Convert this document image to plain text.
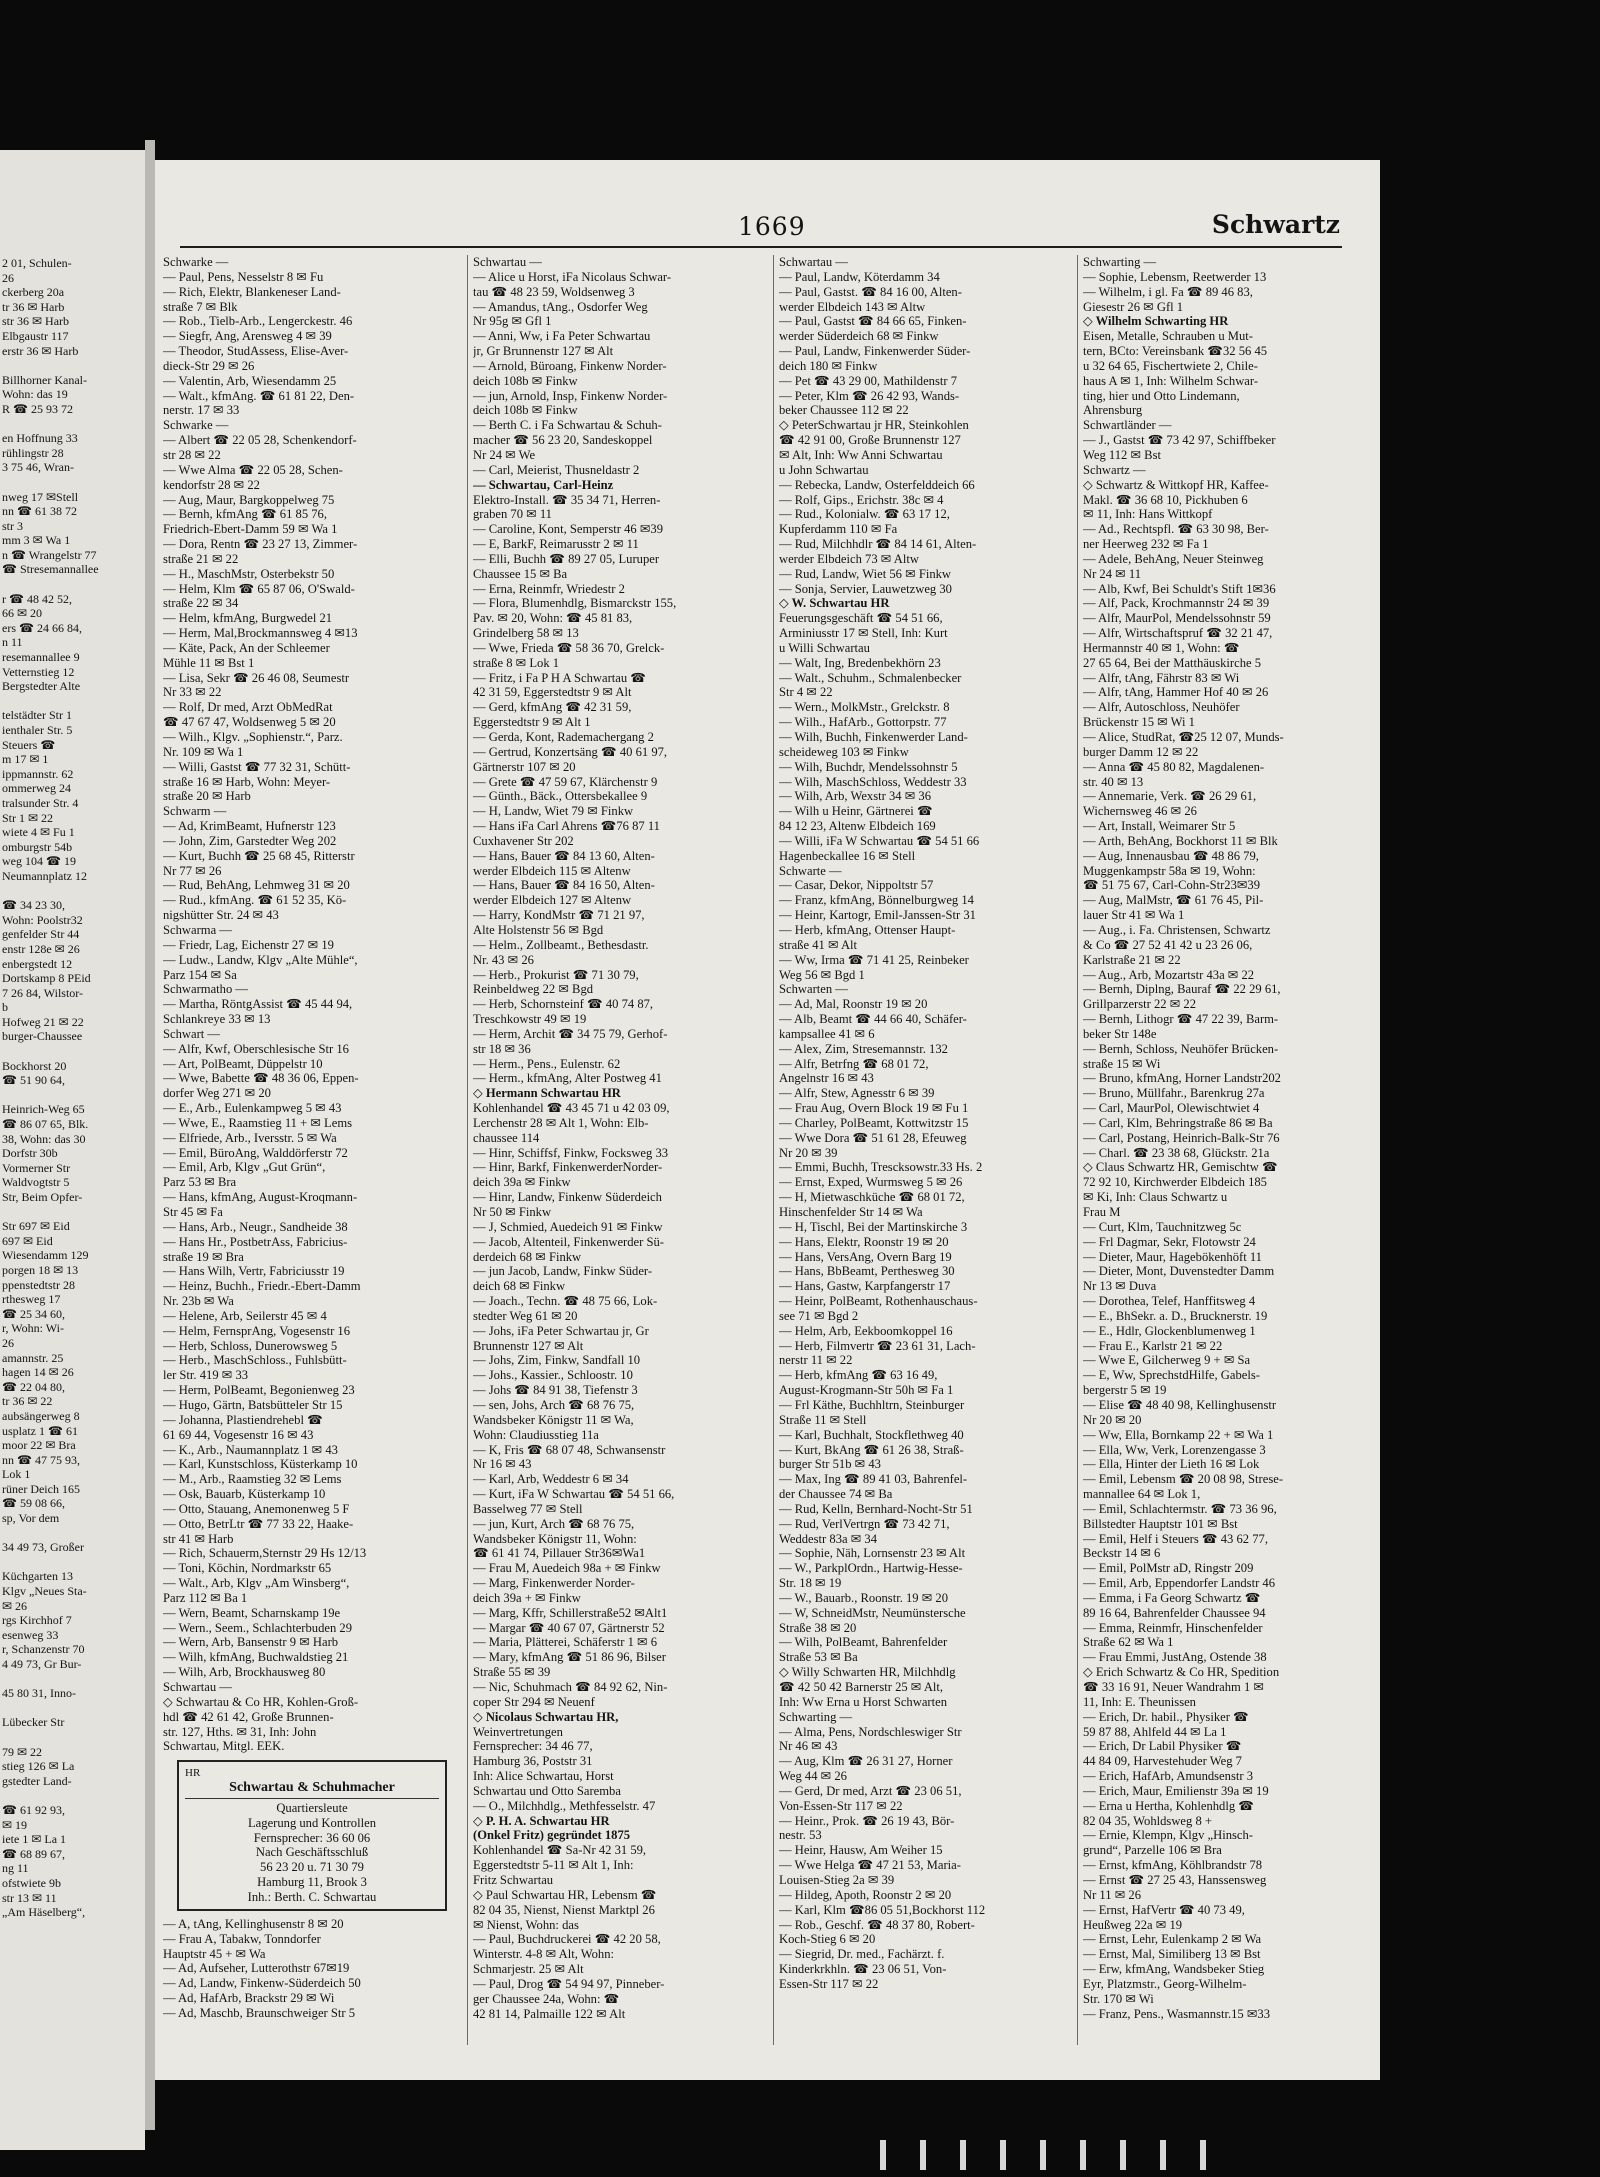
2 01, Schulen-
26
ckerberg 20a
tr 36 ✉ Harb
str 36 ✉ Harb
Elbgaustr 117
erstr 36 ✉ Harb

Billhorner Kanal-
Wohn: das 19
R ☎ 25 93 72

en Hoffnung 33
rühlingstr 28
3 75 46, Wran-

nweg 17 ✉Stell
nn ☎ 61 38 72
str 3
mm 3 ✉ Wa 1
n ☎ Wrangelstr 77
☎ Stresemannallee

r ☎ 48 42 52,
66 ✉ 20
ers ☎ 24 66 84,
n 11
resemannallee 9
Vetternstieg 12
Bergstedter Alte

telstädter Str 1
ienthaler Str. 5
Steuers ☎
m 17 ✉ 1
ippmannstr. 62
ommerweg 24
tralsunder Str. 4
Str 1 ✉ 22
wiete 4 ✉ Fu 1
omburgstr 54b
weg 104 ☎ 19
Neumannplatz 12

☎ 34 23 30,
Wohn: Poolstr32
genfelder Str 44
enstr 128e ✉ 26
enbergstedt 12
Dortskamp 8 PEid
7 26 84, Wilstor-
b
Hofweg 21 ✉ 22
burger-Chaussee

Bockhorst 20
☎ 51 90 64,

Heinrich-Weg 65
☎ 86 07 65, Blk.
38, Wohn: das 30
Dorfstr 30b
Vormerner Str
Waldvogtstr 5
Str, Beim Opfer-

Str 697 ✉ Eid
697 ✉ Eid
Wiesendamm 129
porgen 18 ✉ 13
ppenstedtstr 28
rthesweg 17
☎ 25 34 60,
r, Wohn: Wi-
26
amannstr. 25
hagen 14 ✉ 26
☎ 22 04 80,
tr 36 ✉ 22
aubsängerweg 8
usplatz 1 ☎ 61
moor 22 ✉ Bra
nn ☎ 47 75 93,
Lok 1
rüner Deich 165
☎ 59 08 66,
sp, Vor dem

34 49 73, Großer

Küchgarten 13
Klgv „Neues Sta-
✉ 26
rgs Kirchhof 7
esenweg 33
r, Schanzenstr 70
4 49 73, Gr Bur-

45 80 31, Inno-

Lübecker Str

79 ✉ 22
stieg 126 ✉ La
gstedter Land-

☎ 61 92 93,
✉ 19
iete 1 ✉ La 1
☎ 68 89 67,
ng 11
ofstwiete 9b
str 13 ✉ 11
„Am Häselberg“,
1669	Schwartz
Schwarke —
— Paul, Pens, Nesselstr 8 ✉ Fu
— Rich, Elektr, Blankeneser Land-
straße 7 ✉ Blk
— Rob., Tielb-Arb., Lengerckestr. 46
— Siegfr, Ang, Arensweg 4 ✉ 39
— Theodor, StudAssess, Elise-Aver-
dieck-Str 29 ✉ 26
— Valentin, Arb, Wiesendamm 25
— Walt., kfmAng. ☎ 61 81 22, Den-
nerstr. 17 ✉ 33
Schwarke —
— Albert ☎ 22 05 28, Schenkendorf-
str 28 ✉ 22
— Wwe Alma ☎ 22 05 28, Schen-
kendorfstr 28 ✉ 22
— Aug, Maur, Bargkoppelweg 75
— Bernh, kfmAng ☎ 61 85 76,
Friedrich-Ebert-Damm 59 ✉ Wa 1
— Dora, Rentn ☎ 23 27 13, Zimmer-
straße 21 ✉ 22
— H., MaschMstr, Osterbekstr 50
— Helm, Klm ☎ 65 87 06, O'Swald-
straße 22 ✉ 34
— Helm, kfmAng, Burgwedel 21
— Herm, Mal,Brockmannsweg 4 ✉13
— Käte, Pack, An der Schleemer
Mühle 11 ✉ Bst 1
— Lisa, Sekr ☎ 26 46 08, Seumestr
Nr 33 ✉ 22
— Rolf, Dr med, Arzt ObMedRat
☎ 47 67 47, Woldsenweg 5 ✉ 20
— Wilh., Klgv. „Sophienstr.“, Parz.
Nr. 109 ✉ Wa 1
— Willi, Gastst ☎ 77 32 31, Schütt-
straße 16 ✉ Harb, Wohn: Meyer-
straße 20 ✉ Harb
Schwarm —
— Ad, KrimBeamt, Hufnerstr 123
— John, Zim, Garstedter Weg 202
— Kurt, Buchh ☎ 25 68 45, Ritterstr
Nr 77 ✉ 26
— Rud, BehAng, Lehmweg 31 ✉ 20
— Rud., kfmAng. ☎ 61 52 35, Kö-
nigshütter Str. 24 ✉ 43
Schwarma —
— Friedr, Lag, Eichenstr 27 ✉ 19
— Ludw., Landw, Klgv „Alte Mühle“,
Parz 154 ✉ Sa
Schwarmatho —
— Martha, RöntgAssist ☎ 45 44 94,
Schlankreye 33 ✉ 13
Schwart —
— Alfr, Kwf, Oberschlesische Str 16
— Art, PolBeamt, Düppelstr 10
— Wwe, Babette ☎ 48 36 06, Eppen-
dorfer Weg 271 ✉ 20
— E., Arb., Eulenkampweg 5 ✉ 43
— Wwe, E., Raamstieg 11 + ✉ Lems
— Elfriede, Arb., Iversstr. 5 ✉ Wa
— Emil, BüroAng, Walddörferstr 72
— Emil, Arb, Klgv „Gut Grün“,
Parz 53 ✉ Bra
— Hans, kfmAng, August-Kroqmann-
Str 45 ✉ Fa
— Hans, Arb., Neugr., Sandheide 38
— Hans Hr., PostbetrAss, Fabricius-
straße 19 ✉ Bra
— Hans Wilh, Vertr, Fabriciusstr 19
— Heinz, Buchh., Friedr.-Ebert-Damm
Nr. 23b ✉ Wa
— Helene, Arb, Seilerstr 45 ✉ 4
— Helm, FernsprAng, Vogesenstr 16
— Herb, Schloss, Dunerowsweg 5
— Herb., MaschSchloss., Fuhlsbütt-
ler Str. 419 ✉ 33
— Herm, PolBeamt, Begonienweg 23
— Hugo, Gärtn, Batsbütteler Str 15
— Johanna, Plastiendrehebl ☎
61 69 44, Vogesenstr 16 ✉ 43
— K., Arb., Naumannplatz 1 ✉ 43
— Karl, Kunstschloss, Küsterkamp 10
— M., Arb., Raamstieg 32 ✉ Lems
— Osk, Bauarb, Küsterkamp 10
— Otto, Stauang, Anemonenweg 5 F
— Otto, BetrLtr ☎ 77 33 22, Haake-
str 41 ✉ Harb
— Rich, Schauerm,Sternstr 29 Hs 12/13
— Toni, Köchin, Nordmarkstr 65
— Walt., Arb, Klgv „Am Winsberg“,
Parz 112 ✉ Ba 1
— Wern, Beamt, Scharnskamp 19e
— Wern., Seem., Schlachterbuden 29
— Wern, Arb, Bansenstr 9 ✉ Harb
— Wilh, kfmAng, Buchwaldstieg 21
— Wilh, Arb, Brockhausweg 80
Schwartau —
◇ Schwartau & Co HR, Kohlen-Groß-
hdl ☎ 42 61 42, Große Brunnen-
str. 127, Hths. ✉ 31, Inh: John
Schwartau, Mitgl. EEK.
HR
Schwartau & Schuhmacher
Quartiersleute
Lagerung und Kontrollen
Fernsprecher: 36 60 06
Nach Geschäftsschluß
56 23 20 u. 71 30 79
Hamburg 11, Brook 3
Inh.: Berth. C. Schwartau
— A, tAng, Kellinghusenstr 8 ✉ 20
— Frau A, Tabakw, Tonndorfer
Hauptstr 45 + ✉ Wa
— Ad, Aufseher, Lutterothstr 67✉19
— Ad, Landw, Finkenw-Süderdeich 50
— Ad, HafArb, Brackstr 29 ✉ Wi
— Ad, Maschb, Braunschweiger Str 5
Schwartau —
— Alice u Horst, iFa Nicolaus Schwar-
tau ☎ 48 23 59, Woldsenweg 3
— Amandus, tAng., Osdorfer Weg
Nr 95g ✉ Gfl 1
— Anni, Ww, i Fa Peter Schwartau
jr, Gr Brunnenstr 127 ✉ Alt
— Arnold, Büroang, Finkenw Norder-
deich 108b ✉ Finkw
— jun, Arnold, Insp, Finkenw Norder-
deich 108b ✉ Finkw
— Berth C. i Fa Schwartau & Schuh-
macher ☎ 56 23 20, Sandeskoppel
Nr 24 ✉ We
— Carl, Meierist, Thusneldastr 2
— Schwartau, Carl-Heinz
Elektro-Install. ☎ 35 34 71, Herren-
graben 70 ✉ 11
— Caroline, Kont, Semperstr 46 ✉39
— E, BarkF, Reimarusstr 2 ✉ 11
— Elli, Buchh ☎ 89 27 05, Luruper
Chaussee 15 ✉ Ba
— Erna, Reinmfr, Wriedestr 2
— Flora, Blumenhdlg, Bismarckstr 155,
Pav. ✉ 20, Wohn: ☎ 45 81 83,
Grindelberg 58 ✉ 13
— Wwe, Frieda ☎ 58 36 70, Grelck-
straße 8 ✉ Lok 1
— Fritz, i Fa P H A Schwartau ☎
42 31 59, Eggerstedtstr 9 ✉ Alt
— Gerd, kfmAng ☎ 42 31 59,
Eggerstedtstr 9 ✉ Alt 1
— Gerda, Kont, Rademachergang 2
— Gertrud, Konzertsäng ☎ 40 61 97,
Gärtnerstr 107 ✉ 20
— Grete ☎ 47 59 67, Klärchenstr 9
— Günth., Bäck., Ottersbekallee 9
— H, Landw, Wiet 79 ✉ Finkw
— Hans iFa Carl Ahrens ☎76 87 11
Cuxhavener Str 202
— Hans, Bauer ☎ 84 13 60, Alten-
werder Elbdeich 115 ✉ Altenw
— Hans, Bauer ☎ 84 16 50, Alten-
werder Elbdeich 127 ✉ Altenw
— Harry, KondMstr ☎ 71 21 97,
Alte Holstenstr 56 ✉ Bgd
— Helm., Zollbeamt., Bethesdastr.
Nr. 43 ✉ 26
— Herb., Prokurist ☎ 71 30 79,
Reinbeldweg 22 ✉ Bgd
— Herb, Schornsteinf ☎ 40 74 87,
Treschkowstr 49 ✉ 19
— Herm, Archit ☎ 34 75 79, Gerhof-
str 18 ✉ 36
— Herm., Pens., Eulenstr. 62
— Herm., kfmAng, Alter Postweg 41
◇ Hermann Schwartau HR
Kohlenhandel ☎ 43 45 71 u 42 03 09,
Lerchenstr 28 ✉ Alt 1, Wohn: Elb-
chaussee 114
— Hinr, Schiffsf, Finkw, Focksweg 33
— Hinr, Barkf, FinkenwerderNorder-
deich 39a ✉ Finkw
— Hinr, Landw, Finkenw Süderdeich
Nr 50 ✉ Finkw
— J, Schmied, Auedeich 91 ✉ Finkw
— Jacob, Altenteil, Finkenwerder Sü-
derdeich 68 ✉ Finkw
— jun Jacob, Landw, Finkw Süder-
deich 68 ✉ Finkw
— Joach., Techn. ☎ 48 75 66, Lok-
stedter Weg 61 ✉ 20
— Johs, iFa Peter Schwartau jr, Gr
Brunnenstr 127 ✉ Alt
— Johs, Zim, Finkw, Sandfall 10
— Johs., Kassier., Schloostr. 10
— Johs ☎ 84 91 38, Tiefenstr 3
— sen, Johs, Arch ☎ 68 76 75,
Wandsbeker Königstr 11 ✉ Wa,
Wohn: Claudiusstieg 11a
— K, Fris ☎ 68 07 48, Schwansenstr
Nr 16 ✉ 43
— Karl, Arb, Weddestr 6 ✉ 34
— Kurt, iFa W Schwartau ☎ 54 51 66,
Basselweg 77 ✉ Stell
— jun, Kurt, Arch ☎ 68 76 75,
Wandsbeker Königstr 11, Wohn:
☎ 61 41 74, Pillauer Str36✉Wa1
— Frau M, Auedeich 98a + ✉ Finkw
— Marg, Finkenwerder Norder-
deich 39a + ✉ Finkw
— Marg, Kffr, Schillerstraße52 ✉Alt1
— Margar ☎ 40 67 07, Gärtnerstr 52
— Maria, Plätterei, Schäferstr 1 ✉ 6
— Mary, kfmAng ☎ 51 86 96, Bilser
Straße 55 ✉ 39
— Nic, Schuhmach ☎ 84 92 62, Nin-
coper Str 294 ✉ Neuenf
◇ Nicolaus Schwartau HR,
Weinvertretungen
Fernsprecher: 34 46 77,
Hamburg 36, Poststr 31
Inh: Alice Schwartau, Horst
Schwartau und Otto Saremba
— O., Milchhdlg., Methfesselstr. 47
◇ P. H. A. Schwartau HR
(Onkel Fritz) gegründet 1875
Kohlenhandel ☎ Sa-Nr 42 31 59,
Eggerstedtstr 5-11 ✉ Alt 1, Inh:
Fritz Schwartau
◇ Paul Schwartau HR, Lebensm ☎
82 04 35, Nienst, Nienst Marktpl 26
✉ Nienst, Wohn: das
— Paul, Buchdruckerei ☎ 42 20 58,
Winterstr. 4-8 ✉ Alt, Wohn:
Schmarjestr. 25 ✉ Alt
— Paul, Drog ☎ 54 94 97, Pinneber-
ger Chaussee 24a, Wohn: ☎
42 81 14, Palmaille 122 ✉ Alt
Schwartau —
— Paul, Landw, Köterdamm 34
— Paul, Gastst. ☎ 84 16 00, Alten-
werder Elbdeich 143 ✉ Altw
— Paul, Gastst ☎ 84 66 65, Finken-
werder Süderdeich 68 ✉ Finkw
— Paul, Landw, Finkenwerder Süder-
deich 180 ✉ Finkw
— Pet ☎ 43 29 00, Mathildenstr 7
— Peter, Klm ☎ 26 42 93, Wands-
beker Chaussee 112 ✉ 22
◇ PeterSchwartau jr HR, Steinkohlen
☎ 42 91 00, Große Brunnenstr 127
✉ Alt, Inh: Ww Anni Schwartau
u John Schwartau
— Rebecka, Landw, Osterfelddeich 66
— Rolf, Gips., Erichstr. 38c ✉ 4
— Rud., Kolonialw. ☎ 63 17 12,
Kupferdamm 110 ✉ Fa
— Rud, Milchhdlr ☎ 84 14 61, Alten-
werder Elbdeich 73 ✉ Altw
— Rud, Landw, Wiet 56 ✉ Finkw
— Sonja, Servier, Lauwetzweg 30
◇ W. Schwartau HR
Feuerungsgeschäft ☎ 54 51 66,
Arminiusstr 17 ✉ Stell, Inh: Kurt
u Willi Schwartau
— Walt, Ing, Bredenbekhörn 23
— Walt., Schuhm., Schmalenbecker
Str 4 ✉ 22
— Wern., MolkMstr., Grelckstr. 8
— Wilh., HafArb., Gottorpstr. 77
— Wilh, Buchh, Finkenwerder Land-
scheideweg 103 ✉ Finkw
— Wilh, Buchdr, Mendelssohnstr 5
— Wilh, MaschSchloss, Weddestr 33
— Wilh, Arb, Wexstr 34 ✉ 36
— Wilh u Heinr, Gärtnerei ☎
84 12 23, Altenw Elbdeich 169
— Willi, iFa W Schwartau ☎ 54 51 66
Hagenbeckallee 16 ✉ Stell
Schwarte —
— Casar, Dekor, Nippoltstr 57
— Franz, kfmAng, Bönnelburgweg 14
— Heinr, Kartogr, Emil-Janssen-Str 31
— Herb, kfmAng, Ottenser Haupt-
straße 41 ✉ Alt
— Ww, Irma ☎ 71 41 25, Reinbeker
Weg 56 ✉ Bgd 1
Schwarten —
— Ad, Mal, Roonstr 19 ✉ 20
— Alb, Beamt ☎ 44 66 40, Schäfer-
kampsallee 41 ✉ 6
— Alex, Zim, Stresemannstr. 132
— Alfr, Betrfng ☎ 68 01 72,
Angelnstr 16 ✉ 43
— Alfr, Stew, Agnesstr 6 ✉ 39
— Frau Aug, Overn Block 19 ✉ Fu 1
— Charley, PolBeamt, Kottwitzstr 15
— Wwe Dora ☎ 51 61 28, Efeuweg
Nr 20 ✉ 39
— Emmi, Buchh, Trescksowstr.33 Hs. 2
— Ernst, Exped, Wurmsweg 5 ✉ 26
— H, Mietwaschküche ☎ 68 01 72,
Hinschenfelder Str 14 ✉ Wa
— H, Tischl, Bei der Martinskirche 3
— Hans, Elektr, Roonstr 19 ✉ 20
— Hans, VersAng, Overn Barg 19
— Hans, BbBeamt, Perthesweg 30
— Hans, Gastw, Karpfangerstr 17
— Heinr, PolBeamt, Rothenhauschaus-
see 71 ✉ Bgd 2
— Helm, Arb, Eekboomkoppel 16
— Herb, Filmvertr ☎ 23 61 31, Lach-
nerstr 11 ✉ 22
— Herb, kfmAng ☎ 63 16 49,
August-Krogmann-Str 50h ✉ Fa 1
— Frl Käthe, Buchhltrn, Steinburger
Straße 11 ✉ Stell
— Karl, Buchhalt, Stockflethweg 40
— Kurt, BkAng ☎ 61 26 38, Straß-
burger Str 51b ✉ 43
— Max, Ing ☎ 89 41 03, Bahrenfel-
der Chaussee 74 ✉ Ba
— Rud, Kelln, Bernhard-Nocht-Str 51
— Rud, VerlVertrgn ☎ 73 42 71,
Weddestr 83a ✉ 34
— Sophie, Näh, Lornsenstr 23 ✉ Alt
— W., ParkplOrdn., Hartwig-Hesse-
Str. 18 ✉ 19
— W., Bauarb., Roonstr. 19 ✉ 20
— W, SchneidMstr, Neumünstersche
Straße 38 ✉ 20
— Wilh, PolBeamt, Bahrenfelder
Straße 53 ✉ Ba
◇ Willy Schwarten HR, Milchhdlg
☎ 42 50 42 Barnerstr 25 ✉ Alt,
Inh: Ww Erna u Horst Schwarten
Schwarting —
— Alma, Pens, Nordschleswiger Str
Nr 46 ✉ 43
— Aug, Klm ☎ 26 31 27, Horner
Weg 44 ✉ 26
— Gerd, Dr med, Arzt ☎ 23 06 51,
Von-Essen-Str 117 ✉ 22
— Heinr., Prok. ☎ 26 19 43, Bör-
nestr. 53
— Heinr, Hausw, Am Weiher 15
— Wwe Helga ☎ 47 21 53, Maria-
Louisen-Stieg 2a ✉ 39
— Hildeg, Apoth, Roonstr 2 ✉ 20
— Karl, Klm ☎86 05 51,Bockhorst 112
— Rob., Geschf. ☎ 48 37 80, Robert-
Koch-Stieg 6 ✉ 20
— Siegrid, Dr. med., Fachärzt. f.
Kinderkrkhln. ☎ 23 06 51, Von-
Essen-Str 117 ✉ 22
Schwarting —
— Sophie, Lebensm, Reetwerder 13
— Wilhelm, i gl. Fa ☎ 89 46 83,
Giesestr 26 ✉ Gfl 1
◇ Wilhelm Schwarting HR
Eisen, Metalle, Schrauben u Mut-
tern, BCto: Vereinsbank ☎32 56 45
u 32 64 65, Fischertwiete 2, Chile-
haus A ✉ 1, Inh: Wilhelm Schwar-
ting, hier und Otto Lindemann,
Ahrensburg
Schwartländer —
— J., Gastst ☎ 73 42 97, Schiffbeker
Weg 112 ✉ Bst
Schwartz —
◇ Schwartz & Wittkopf HR, Kaffee-
Makl. ☎ 36 68 10, Pickhuben 6
✉ 11, Inh: Hans Wittkopf
— Ad., Rechtspfl. ☎ 63 30 98, Ber-
ner Heerweg 232 ✉ Fa 1
— Adele, BehAng, Neuer Steinweg
Nr 24 ✉ 11
— Alb, Kwf, Bei Schuldt's Stift 1✉36
— Alf, Pack, Krochmannstr 24 ✉ 39
— Alfr, MaurPol, Mendelssohnstr 59
— Alfr, Wirtschaftspruf ☎ 32 21 47,
Hermannstr 40 ✉ 1, Wohn: ☎
27 65 64, Bei der Matthäuskirche 5
— Alfr, tAng, Fährstr 83 ✉ Wi
— Alfr, tAng, Hammer Hof 40 ✉ 26
— Alfr, Autoschloss, Neuhöfer
Brückenstr 15 ✉ Wi 1
— Alice, StudRat, ☎25 12 07, Munds-
burger Damm 12 ✉ 22
— Anna ☎ 45 80 82, Magdalenen-
str. 40 ✉ 13
— Annemarie, Verk. ☎ 26 29 61,
Wichernsweg 46 ✉ 26
— Art, Install, Weimarer Str 5
— Arth, BehAng, Bockhorst 11 ✉ Blk
— Aug, Innenausbau ☎ 48 86 79,
Muggenkampstr 58a ✉ 19, Wohn:
☎ 51 75 67, Carl-Cohn-Str23✉39
— Aug, MalMstr, ☎ 61 76 45, Pil-
lauer Str 41 ✉ Wa 1
— Aug., i. Fa. Christensen, Schwartz
& Co ☎ 27 52 41 42 u 23 26 06,
Karlstraße 21 ✉ 22
— Aug., Arb, Mozartstr 43a ✉ 22
— Bernh, Diplng, Bauraf ☎ 22 29 61,
Grillparzerstr 22 ✉ 22
— Bernh, Lithogr ☎ 47 22 39, Barm-
beker Str 148e
— Bernh, Schloss, Neuhöfer Brücken-
straße 15 ✉ Wi
— Bruno, kfmAng, Horner Landstr202
— Bruno, Müllfahr., Barenkrug 27a
— Carl, MaurPol, Olewischtwiet 4
— Carl, Klm, Behringstraße 86 ✉ Ba
— Carl, Postang, Heinrich-Balk-Str 76
— Charl. ☎ 23 38 68, Glückstr. 21a
◇ Claus Schwartz HR, Gemischtw ☎
72 92 10, Kirchwerder Elbdeich 185
✉ Ki, Inh: Claus Schwartz u
Frau M
— Curt, Klm, Tauchnitzweg 5c
— Frl Dagmar, Sekr, Flotowstr 24
— Dieter, Maur, Hagebökenhöft 11
— Dieter, Mont, Duvenstedter Damm
Nr 13 ✉ Duva
— Dorothea, Telef, Hanffitsweg 4
— E., BhSekr. a. D., Brucknerstr. 19
— E., Hdlr, Glockenblumenweg 1
— Frau E., Karlstr 21 ✉ 22
— Wwe E, Gilcherweg 9 + ✉ Sa
— E, Ww, SprechstdHilfe, Gabels-
bergerstr 5 ✉ 19
— Elise ☎ 48 40 98, Kellinghusenstr
Nr 20 ✉ 20
— Ww, Ella, Bornkamp 22 + ✉ Wa 1
— Ella, Ww, Verk, Lorenzengasse 3
— Ella, Hinter der Lieth 16 ✉ Lok
— Emil, Lebensm ☎ 20 08 98, Strese-
mannallee 64 ✉ Lok 1,
— Emil, Schlachtermstr. ☎ 73 36 96,
Billstedter Hauptstr 101 ✉ Bst
— Emil, Helf i Steuers ☎ 43 62 77,
Beckstr 14 ✉ 6
— Emil, PolMstr aD, Ringstr 209
— Emil, Arb, Eppendorfer Landstr 46
— Emma, i Fa Georg Schwartz ☎
89 16 64, Bahrenfelder Chaussee 94
— Emma, Reinmfr, Hinschenfelder
Straße 62 ✉ Wa 1
— Frau Emmi, JustAng, Ostende 38
◇ Erich Schwartz & Co HR, Spedition
☎ 33 16 91, Neuer Wandrahm 1 ✉
11, Inh: E. Theunissen
— Erich, Dr. habil., Physiker ☎
59 87 88, Ahlfeld 44 ✉ La 1
— Erich, Dr Labil Physiker ☎
44 84 09, Harvestehuder Weg 7
— Erich, HafArb, Amundsenstr 3
— Erich, Maur, Emilienstr 39a ✉ 19
— Erna u Hertha, Kohlenhdlg ☎
82 04 35, Wohldsweg 8 +
— Ernie, Klempn, Klgv „Hinsch-
grund“, Parzelle 106 ✉ Bra
— Ernst, kfmAng, Köhlbrandstr 78
— Ernst ☎ 27 25 43, Hanssensweg
Nr 11 ✉ 26
— Ernst, HafVertr ☎ 40 73 49,
Heußweg 22a ✉ 19
— Ernst, Lehr, Eulenkamp 2 ✉ Wa
— Ernst, Mal, Similiberg 13 ✉ Bst
— Erw, kfmAng, Wandsbeker Stieg
Eyr, Platzmstr., Georg-Wilhelm-
Str. 170 ✉ Wi
— Franz, Pens., Wasmannstr.15 ✉33
